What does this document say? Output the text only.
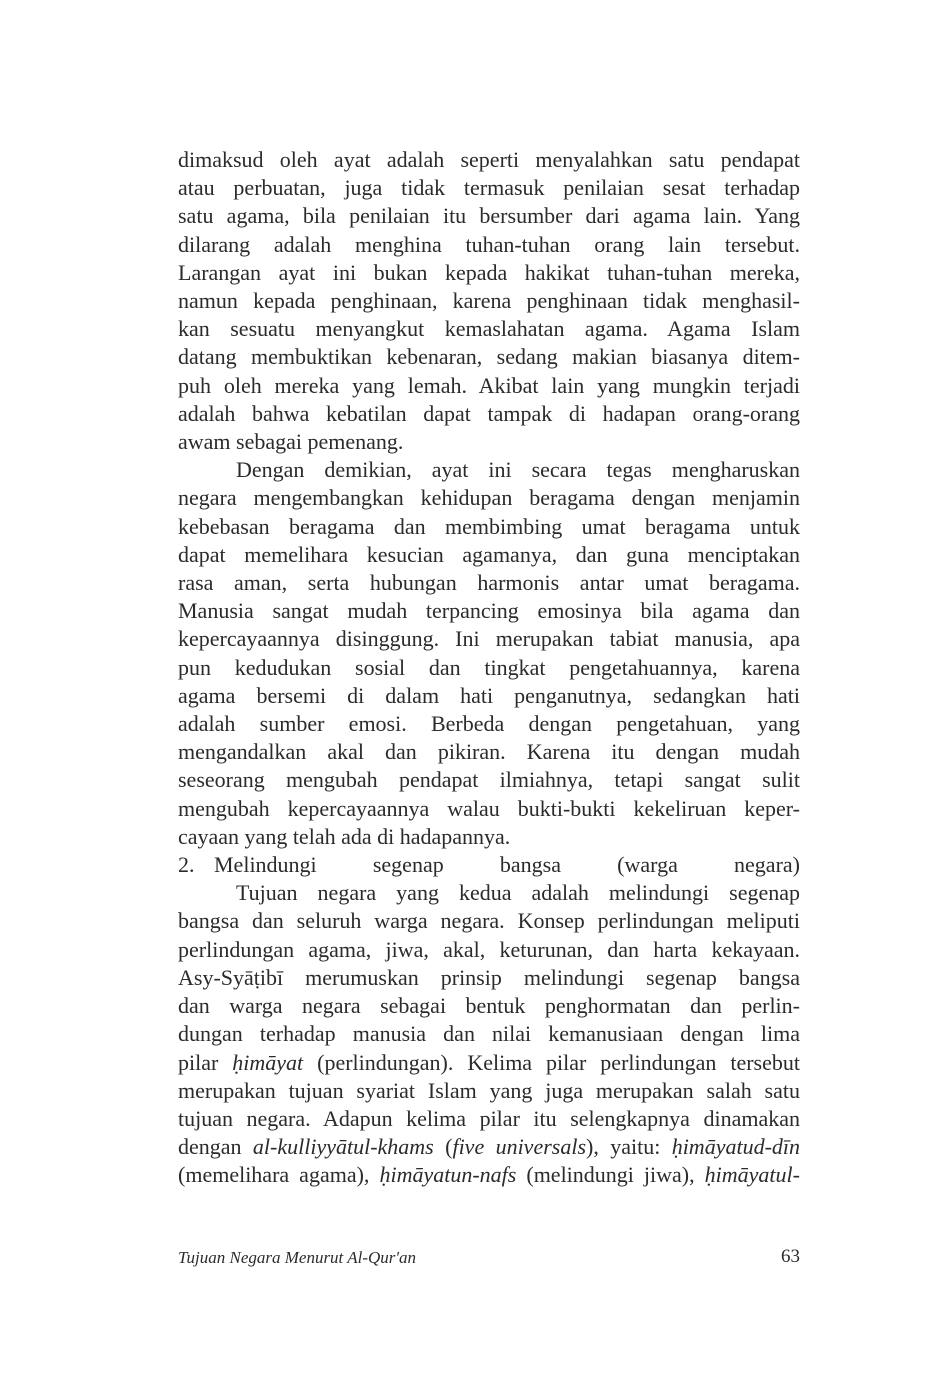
dimaksud oleh ayat adalah seperti menyalahkan satu pendapat
atau perbuatan, juga tidak termasuk penilaian sesat terhadap
satu agama, bila penilaian itu bersumber dari agama lain. Yang
dilarang adalah menghina tuhan-tuhan orang lain tersebut.
Larangan ayat ini bukan kepada hakikat tuhan-tuhan mereka,
namun kepada penghinaan, karena penghinaan tidak menghasil-
kan sesuatu menyangkut kemaslahatan agama. Agama Islam
datang membuktikan kebenaran, sedang makian biasanya ditem-
puh oleh mereka yang lemah. Akibat lain yang mungkin terjadi
adalah bahwa kebatilan dapat tampak di hadapan orang-orang
awam sebagai pemenang.
Dengan demikian, ayat ini secara tegas mengharuskan
negara mengembangkan kehidupan beragama dengan menjamin
kebebasan beragama dan membimbing umat beragama untuk
dapat memelihara kesucian agamanya, dan guna menciptakan
rasa aman, serta hubungan harmonis antar umat beragama.
Manusia sangat mudah terpancing emosinya bila agama dan
kepercayaannya disinggung. Ini merupakan tabiat manusia, apa
pun kedudukan sosial dan tingkat pengetahuannya, karena
agama bersemi di dalam hati penganutnya, sedangkan hati
adalah sumber emosi. Berbeda dengan pengetahuan, yang
mengandalkan akal dan pikiran. Karena itu dengan mudah
seseorang mengubah pendapat ilmiahnya, tetapi sangat sulit
mengubah kepercayaannya walau bukti-bukti kekeliruan keper-
cayaan yang telah ada di hadapannya.

2. Melindungi segenap bangsa (warga negara)

Tujuan negara yang kedua adalah melindungi segenap
bangsa dan seluruh warga negara. Konsep perlindungan meliputi
perlindungan agama, jiwa, akal, keturunan, dan harta kekayaan.
Asy-Syāṭibī merumuskan prinsip melindungi segenap bangsa
dan warga negara sebagai bentuk penghormatan dan perlin-
dungan terhadap manusia dan nilai kemanusiaan dengan lima
pilar ḥimāyat (perlindungan). Kelima pilar perlindungan tersebut
merupakan tujuan syariat Islam yang juga merupakan salah satu
tujuan negara. Adapun kelima pilar itu selengkapnya dinamakan
dengan al-kulliyyātul-khams (five universals), yaitu: ḥimāyatud-dīn
(memelihara agama), ḥimāyatun-nafs (melindungi jiwa), ḥimāyatul-
Tujuan Negara Menurut Al-Qur'an	63
